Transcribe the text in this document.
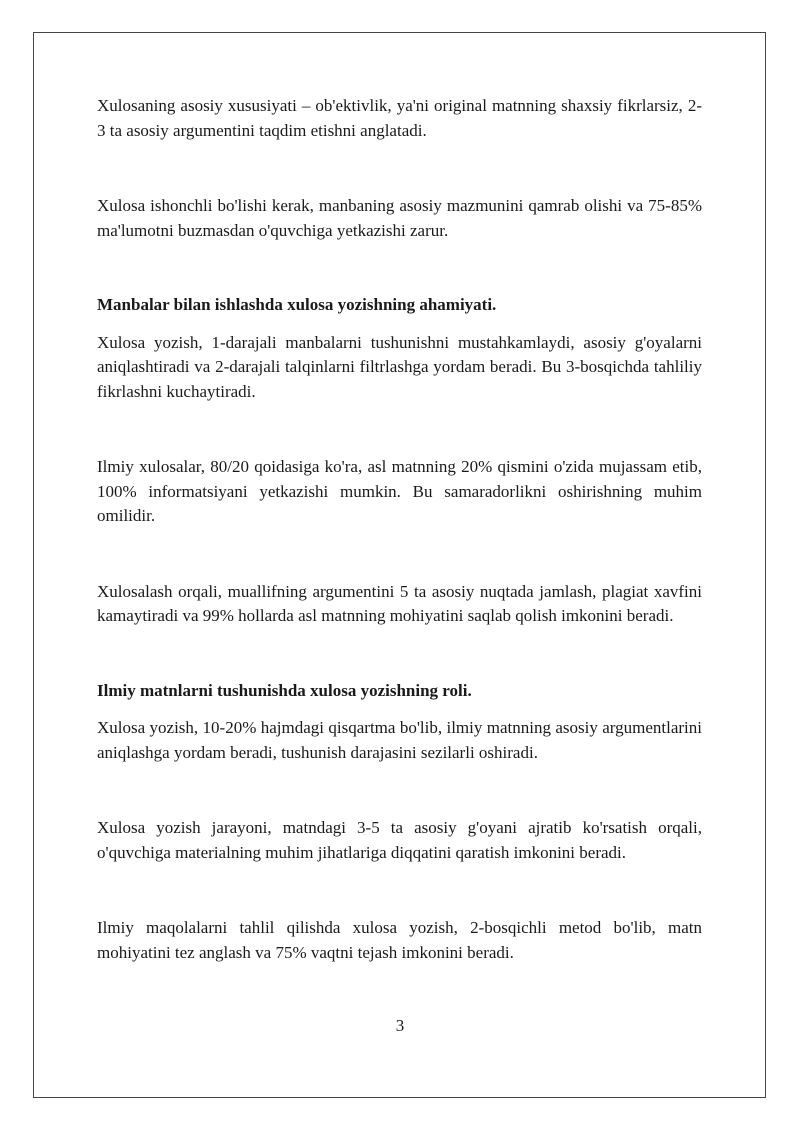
Xulosaning asosiy xususiyati – ob'ektivlik, ya'ni original matnning shaxsiy fikrlarsiz, 2-3 ta asosiy argumentini taqdim etishni anglatadi.

Xulosa ishonchli bo'lishi kerak, manbaning asosiy mazmunini qamrab olishi va 75-85% ma'lumotni buzmasdan o'quvchiga yetkazishi zarur.

Manbalar bilan ishlashda xulosa yozishning ahamiyati.

Xulosa yozish, 1-darajali manbalarni tushunishni mustahkamlaydi, asosiy g'oyalarni aniqlashtiradi va 2-darajali talqinlarni filtrlashga yordam beradi. Bu 3-bosqichda tahliliy fikrlashni kuchaytiradi.

Ilmiy xulosalar, 80/20 qoidasiga ko'ra, asl matnning 20% qismini o'zida mujassam etib, 100% informatsiyani yetkazishi mumkin. Bu samaradorlikni oshirishning muhim omilidir.

Xulosalash orqali, muallifning argumentini 5 ta asosiy nuqtada jamlash, plagiat xavfini kamaytiradi va 99% hollarda asl matnning mohiyatini saqlab qolish imkonini beradi.

Ilmiy matnlarni tushunishda xulosa yozishning roli.

Xulosa yozish, 10-20% hajmdagi qisqartma bo'lib, ilmiy matnning asosiy argumentlarini aniqlashga yordam beradi, tushunish darajasini sezilarli oshiradi.

Xulosa yozish jarayoni, matndagi 3-5 ta asosiy g'oyani ajratib ko'rsatish orqali, o'quvchiga materialning muhim jihatlariga diqqatini qaratish imkonini beradi.

Ilmiy maqolalarni tahlil qilishda xulosa yozish, 2-bosqichli metod bo'lib, matn mohiyatini tez anglash va 75% vaqtni tejash imkonini beradi.

3
